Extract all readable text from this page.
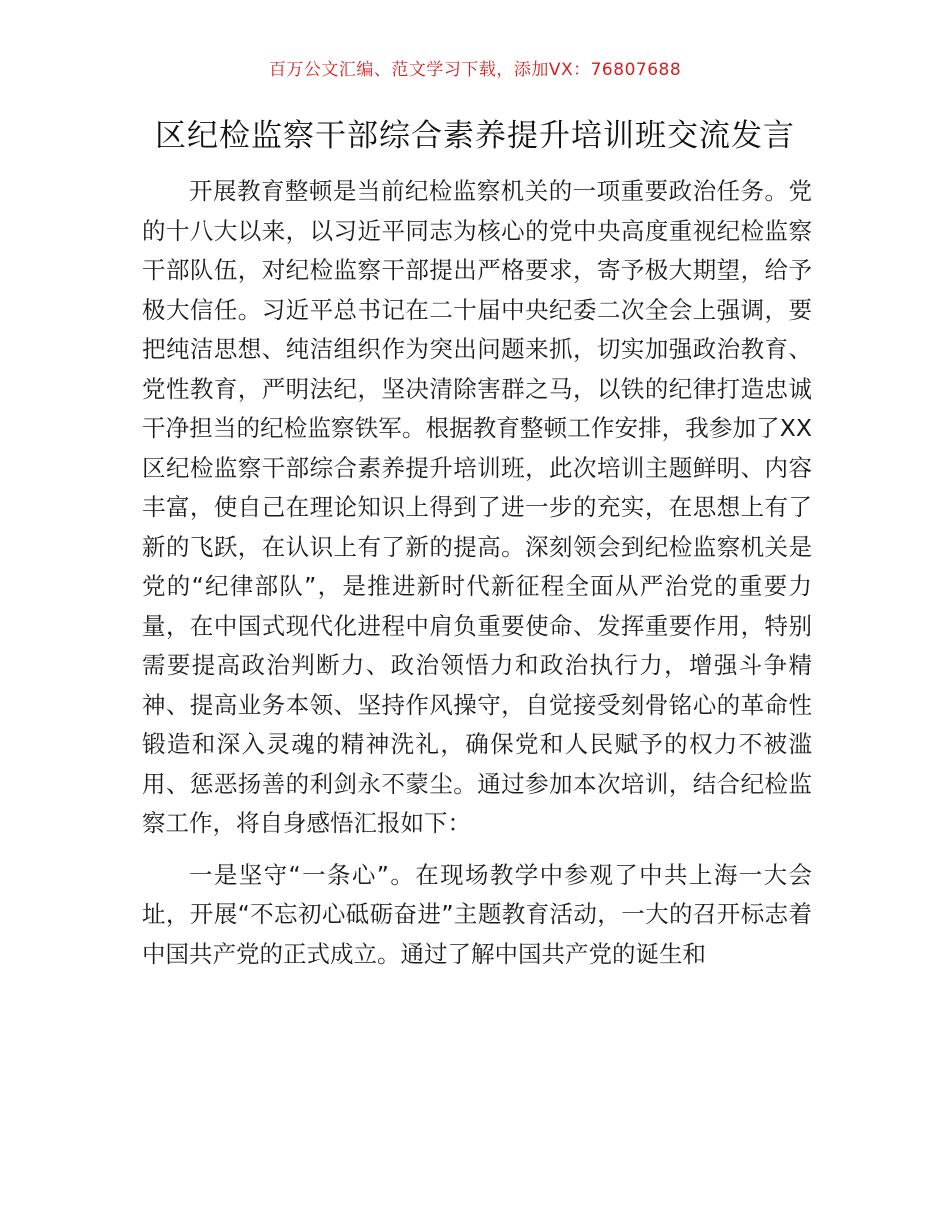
百万公文汇编、范文学习下载，添加VX：76807688
区纪检监察干部综合素养提升培训班交流发言

开展教育整顿是当前纪检监察机关的一项重要政治任务。党的十八大以来，以习近平同志为核心的党中央高度重视纪检监察干部队伍，对纪检监察干部提出严格要求，寄予极大期望，给予极大信任。习近平总书记在二十届中央纪委二次全会上强调，要把纯洁思想、纯洁组织作为突出问题来抓，切实加强政治教育、党性教育，严明法纪，坚决清除害群之马，以铁的纪律打造忠诚干净担当的纪检监察铁军。根据教育整顿工作安排，我参加了XX区纪检监察干部综合素养提升培训班，此次培训主题鲜明、内容丰富，使自己在理论知识上得到了进一步的充实，在思想上有了新的飞跃，在认识上有了新的提高。深刻领会到纪检监察机关是党的“纪律部队”，是推进新时代新征程全面从严治党的重要力量，在中国式现代化进程中肩负重要使命、发挥重要作用，特别需要提高政治判断力、政治领悟力和政治执行力，增强斗争精神、提高业务本领、坚持作风操守，自觉接受刻骨铭心的革命性锻造和深入灵魂的精神洗礼，确保党和人民赋予的权力不被滥用、惩恶扬善的利剑永不蒙尘。通过参加本次培训，结合纪检监察工作，将自身感悟汇报如下：

一是坚守“一条心”。在现场教学中参观了中共上海一大会址，开展“不忘初心砥砺奋进”主题教育活动，一大的召开标志着中国共产党的正式成立。通过了解中国共产党的诞生和
